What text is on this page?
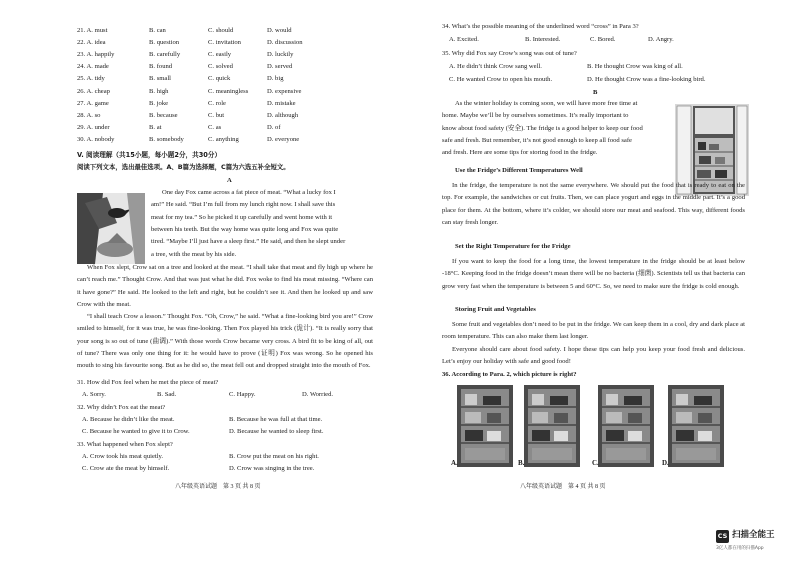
21. A. must	B. can	C. should	D. would
22. A. idea	B. question	C. invitation	D. discussion
23. A. happily	B. carefully	C. easily	D. luckily
24. A. made	B. found	C. solved	D. served
25. A. tidy	B. small	C. quick	D. big
26. A. cheap	B. high	C. meaningless	D. expensive
27. A. game	B. joke	C. role	D. mistake
28. A. so	B. because	C. but	D. although
29. A. under	B. at	C. as	D. of
30. A. nobody	B. somebody	C. anything	D. everyone
V. 阅读理解（共15小题，每小题2分，共30分）
阅读下列文本，选出最佳选项。A、B篇为选择题，C篇为六选五补全短文。
A
One day Fox came across a fat piece of meat. “What a lucky fox I
am!” He said. “But I’m full from my lunch right now. I shall save this
meat for my tea.” So he picked it up carefully and went home with it
between his teeth. But the way home was quite long and Fox was quite
tired. “Maybe I’ll just have a sleep first.” He said, and then he slept under
a tree, with the meat by his side.
When Fox slept, Crow sat on a tree and looked at the meat. “I shall take that meat and fly high up where he can’t reach me.” Thought Crow. And that was just what he did. Fox woke to find his meat missing. “Where can it have gone?” He said. He looked to the left and right, but he couldn’t see it. And then he looked up and saw Crow with the meat.
“I shall teach Crow a lesson.” Thought Fox. “Oh, Crow,” he said. “What a fine-looking bird you are!” Crow smiled to himself, for it was true, he was fine-looking. Then Fox played his trick (诡计). “It is really sorry that your song is so out of tune (曲调).” With those words Crow became very cross. A bird fit to be king of all, out of tune? There was only one thing for it: he would have to prove (证明) Fox was wrong. So he opened his mouth to sing his favourite song. But as he did so, the meat fell out and dropped straight into the mouth of Fox.
31. How did Fox feel when he met the piece of meat?
A. Sorry.	B. Sad.	C. Happy.	D. Worried.
32. Why didn’t Fox eat the meat?
A. Because he didn’t like the meat.	B. Because he was full at that time.
C. Because he wanted to give it to Crow.	D. Because he wanted to sleep first.
33. What happened when Fox slept?
A. Crow took his meat quietly.	B. Crow put the meat on his right.
C. Crow ate the meat by himself.	D. Crow was singing in the tree.
八年级英语试题　第 3 页 共 8 页
34. What’s the possible meaning of the underlined word “cross” in Para 3?
A. Excited.	B. Interested.	C. Bored.	D. Angry.
35. Why did Fox say Crow’s song was out of tune?
A. He didn’t think Crow sang well.	B. He thought Crow was king of all.
C. He wanted Crow to open his mouth.	D. He thought Crow was a fine-looking bird.
B
As the winter holiday is coming soon, we will have more free time at
home. Maybe we’ll be by ourselves sometimes. It’s really important to
know about food safety (安全). The fridge is a good helper to keep our food
safe and fresh. But remember, it’s not good enough to keep all food safe
and fresh. Here are some tips for storing food in the fridge.
Use the Fridge’s Different Temperatures Well
In the fridge, the temperature is not the same everywhere. We should put the food that is ready to eat on the top. For example, the sandwiches or cut fruits. Then, we can place yogurt and eggs in the middle part. It’s a good place for them. At the bottom, where it’s colder, we should store our meat and seafood. This way, different foods can stay fresh longer.
Set the Right Temperature for the Fridge
If you want to keep the food for a long time, the lowest temperature in the fridge should be at least below -18°C. Keeping food in the fridge doesn’t mean there will be no bacteria (细菌). Scientists tell us that bacteria can grow very fast when the temperature is between 5 and 60°C. So, we need to make sure the fridge is cold enough.
Storing Fruit and Vegetables
Some fruit and vegetables don’t need to be put in the fridge. We can keep them in a cool, dry and dark place at room temperature. This can also make them last longer.
Everyone should care about food safety. I hope these tips can help you keep your food fresh and delicious. Let’s enjoy our holiday with safe and good food!
36. According to Para. 2, which picture is right?
A.	B.	C.	D.
八年级英语试题　第 4 页 共 8 页
CS 扫描全能王
3亿人都在用的扫描App
